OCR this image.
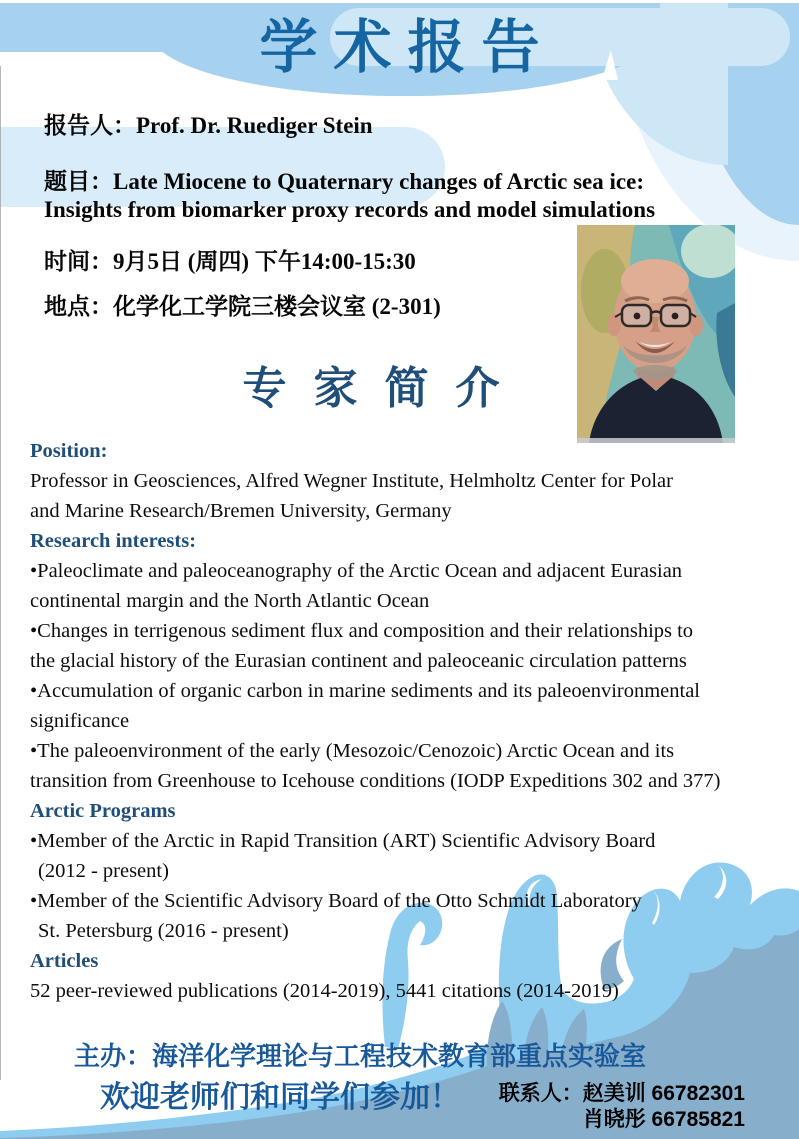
学术报告
报告人：Prof. Dr. Ruediger Stein
题目：Late Miocene to Quaternary changes of Arctic sea ice:
Insights from biomarker proxy records and model simulations
时间：9月5日 (周四) 下午14:00-15:30
地点：化学化工学院三楼会议室 (2-301)
专 家 简 介
Position:
Professor in Geosciences, Alfred Wegner Institute, Helmholtz Center for Polar
and Marine Research/Bremen University, Germany
Research interests:
•Paleoclimate and paleoceanography of the Arctic Ocean and adjacent Eurasian
continental margin and the North Atlantic Ocean
•Changes in terrigenous sediment flux and composition and their relationships to
the glacial history of the Eurasian continent and paleoceanic circulation patterns
•Accumulation of organic carbon in marine sediments and its paleoenvironmental
significance
•The paleoenvironment of the early (Mesozoic/Cenozoic) Arctic Ocean and its
transition from Greenhouse to Icehouse conditions (IODP Expeditions 302 and 377)
Arctic Programs
•Member of the Arctic in Rapid Transition (ART) Scientific Advisory Board
(2012 - present)
•Member of the Scientific Advisory Board of the Otto Schmidt Laboratory
St. Petersburg (2016 - present)
Articles
52 peer-reviewed publications (2014-2019), 5441 citations (2014-2019)
主办：海洋化学理论与工程技术教育部重点实验室
欢迎老师们和同学们参加！ 联系人：赵美训 66782301
肖晓彤 66785821
